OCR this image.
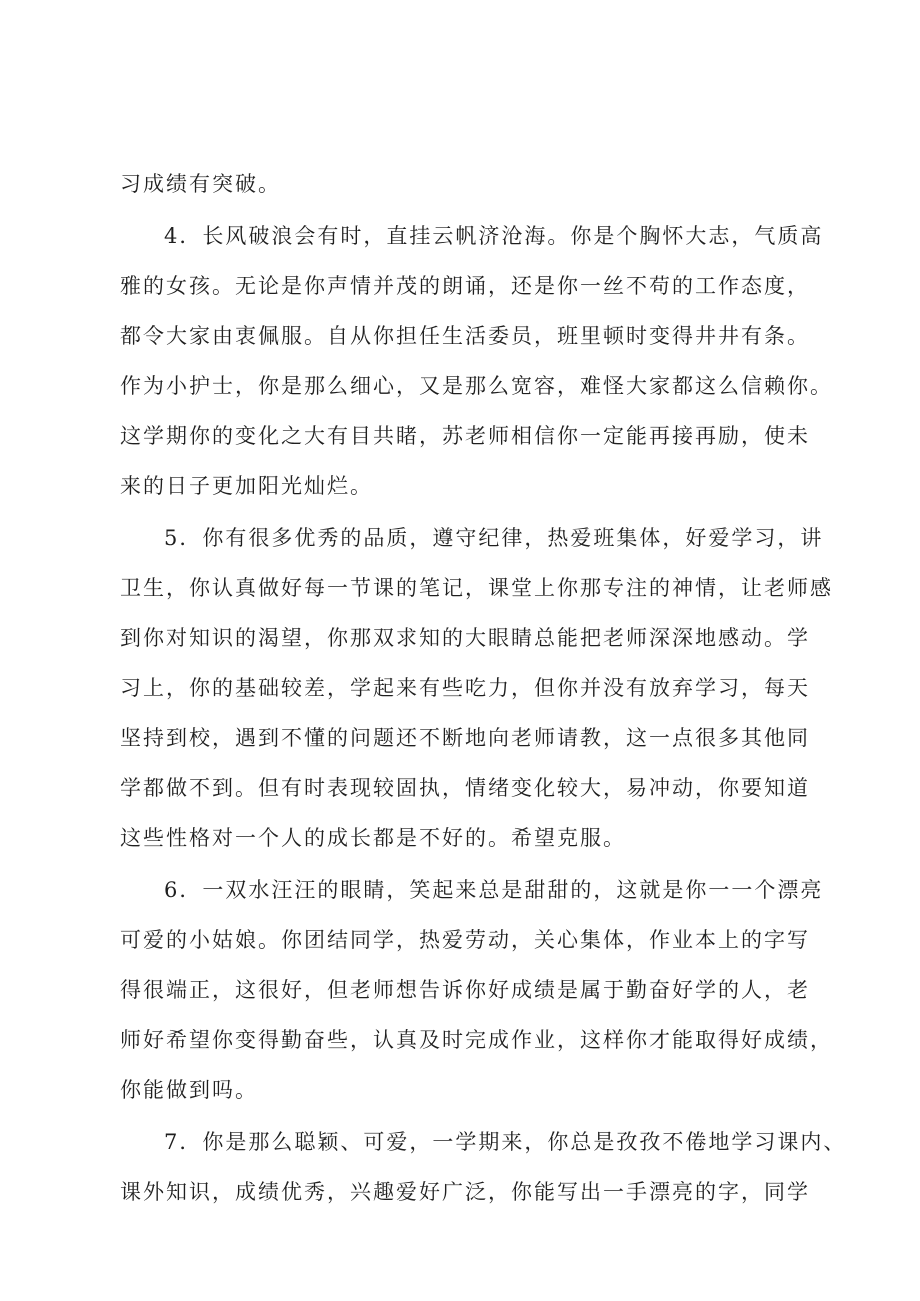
习成绩有突破。
4．长风破浪会有时，直挂云帆济沧海。你是个胸怀大志，气质高
雅的女孩。无论是你声情并茂的朗诵，还是你一丝不苟的工作态度，
都令大家由衷佩服。自从你担任生活委员，班里顿时变得井井有条。
作为小护士，你是那么细心，又是那么宽容，难怪大家都这么信赖你。
这学期你的变化之大有目共睹，苏老师相信你一定能再接再励，使未
来的日子更加阳光灿烂。
5．你有很多优秀的品质，遵守纪律，热爱班集体，好爱学习，讲
卫生，你认真做好每一节课的笔记，课堂上你那专注的神情，让老师感
到你对知识的渴望，你那双求知的大眼睛总能把老师深深地感动。学
习上，你的基础较差，学起来有些吃力，但你并没有放弃学习，每天
坚持到校，遇到不懂的问题还不断地向老师请教，这一点很多其他同
学都做不到。但有时表现较固执，情绪变化较大，易冲动，你要知道
这些性格对一个人的成长都是不好的。希望克服。
6．一双水汪汪的眼睛，笑起来总是甜甜的，这就是你一一个漂亮
可爱的小姑娘。你团结同学，热爱劳动，关心集体，作业本上的字写
得很端正，这很好，但老师想告诉你好成绩是属于勤奋好学的人，老
师好希望你变得勤奋些，认真及时完成作业，这样你才能取得好成绩，
你能做到吗。
7．你是那么聪颖、可爱，一学期来，你总是孜孜不倦地学习课内、
课外知识，成绩优秀，兴趣爱好广泛，你能写出一手漂亮的字，同学
